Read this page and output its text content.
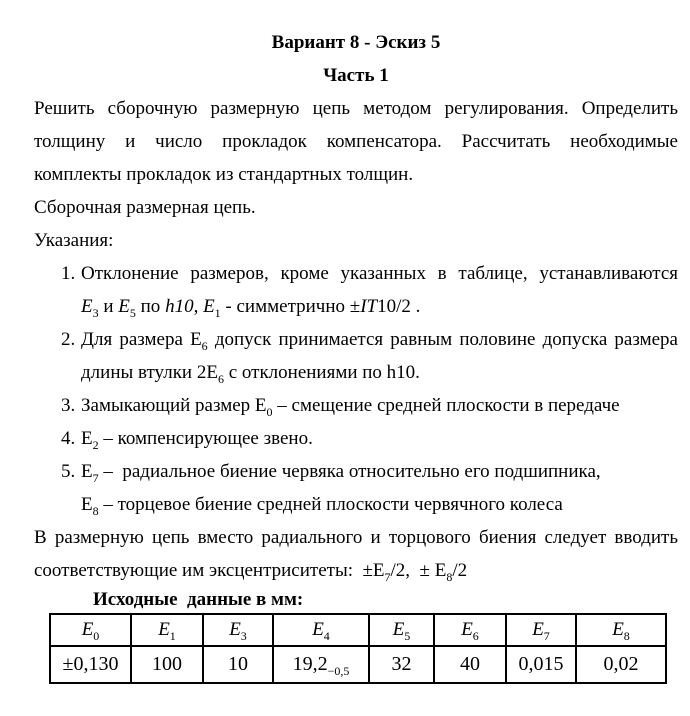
Вариант 8 - Эскиз 5
Часть 1
Решить сборочную размерную цепь методом регулирования. Определить
толщину и число прокладок компенсатора. Рассчитать необходимые
комплекты прокладок из стандартных толщин.
Сборочная размерная цепь.
Указания:
1. Отклонение размеров, кроме указанных в таблице, устанавливаются
$E_3$ и $E_5$ по h10, $E_1$ - симметрично ±IT10/2 .
2. Для размера $Е_6$ допуск принимается равным половине допуска размера
длины втулки $2Е_6$ с отклонениями по h10.
3. Замыкающий размер $Е_0$ – смещение средней плоскости в передаче
4. $Е_2$ – компенсирующее звено.
5. $Е_7$ –  радиальное биение червяка относительно его подшипника,
$Е_8$ – торцевое биение средней плоскости червячного колеса
В размерную цепь вместо радиального и торцового биения следует вводить
соответствующие им эксцентриситеты:  $\pm Е_7/2$,  ± $Е_8/2$
Исходные  данные в мм:
$E_0$	$E_1$	$E_3$	$E_4$	$E_5$	$E_6$	$E_7$	$E_8$
±0,130	100	10	$19,2_{-0,5}$	32	40	0,015	0,02
